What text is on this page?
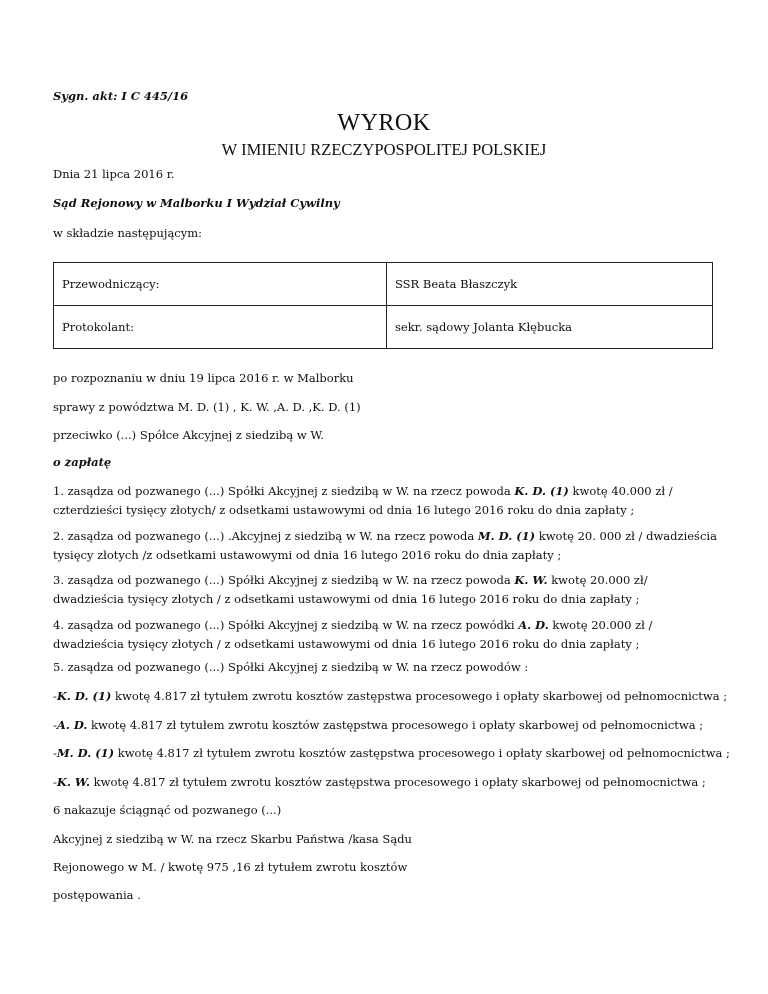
Sygn. akt: I C 445/16
WYROK
W IMIENIU RZECZYPOSPOLITEJ POLSKIEJ
Dnia 21 lipca 2016 r.
Sąd Rejonowy w Malborku I Wydział Cywilny
w składzie następującym:
Przewodniczący:	SSR Beata Błaszczyk
Protokolant:	sekr. sądowy Jolanta Kłębucka
po rozpoznaniu w dniu 19 lipca 2016 r. w Malborku
sprawy z powództwa M. D. (1) , K. W. ,A. D. ,K. D. (1)
przeciwko (...) Spółce Akcyjnej z siedzibą w W.
o zapłatę
1. zasądza od pozwanego (...) Spółki Akcyjnej z siedzibą w W. na rzecz powoda K. D. (1) kwotę 40.000 zł / czterdzieści tysięcy złotych/ z odsetkami ustawowymi od dnia 16 lutego 2016 roku do dnia zapłaty ;
2. zasądza od pozwanego (...) .Akcyjnej z siedzibą w W. na rzecz powoda M. D. (1) kwotę 20. 000 zł / dwadzieścia tysięcy złotych /z odsetkami ustawowymi od dnia 16 lutego 2016 roku do dnia zapłaty ;
3. zasądza od pozwanego (...) Spółki Akcyjnej z siedzibą w W. na rzecz powoda K. W. kwotę 20.000 zł/ dwadzieścia tysięcy złotych / z odsetkami ustawowymi od dnia 16 lutego 2016 roku do dnia zapłaty ;
4. zasądza od pozwanego (...) Spółki Akcyjnej z siedzibą w W. na rzecz powódki A. D. kwotę 20.000 zł / dwadzieścia tysięcy złotych / z odsetkami ustawowymi od dnia 16 lutego 2016 roku do dnia zapłaty ;
5. zasądza od pozwanego (...) Spółki Akcyjnej z siedzibą w W. na rzecz powodów :
-K. D. (1) kwotę 4.817 zł tytułem zwrotu kosztów zastępstwa procesowego i opłaty skarbowej od pełnomocnictwa ;
-A. D. kwotę 4.817 zł tytułem zwrotu kosztów zastępstwa procesowego i opłaty skarbowej od pełnomocnictwa ;
-M. D. (1) kwotę 4.817 zł tytułem zwrotu kosztów zastępstwa procesowego i opłaty skarbowej od pełnomocnictwa ;
-K. W. kwotę 4.817 zł tytułem zwrotu kosztów zastępstwa procesowego i opłaty skarbowej od pełnomocnictwa ;
6 nakazuje ściągnąć od pozwanego (...)
Akcyjnej z siedzibą w W. na rzecz Skarbu Państwa /kasa Sądu
Rejonowego w M. / kwotę 975 ,16 zł tytułem zwrotu kosztów
postępowania .
